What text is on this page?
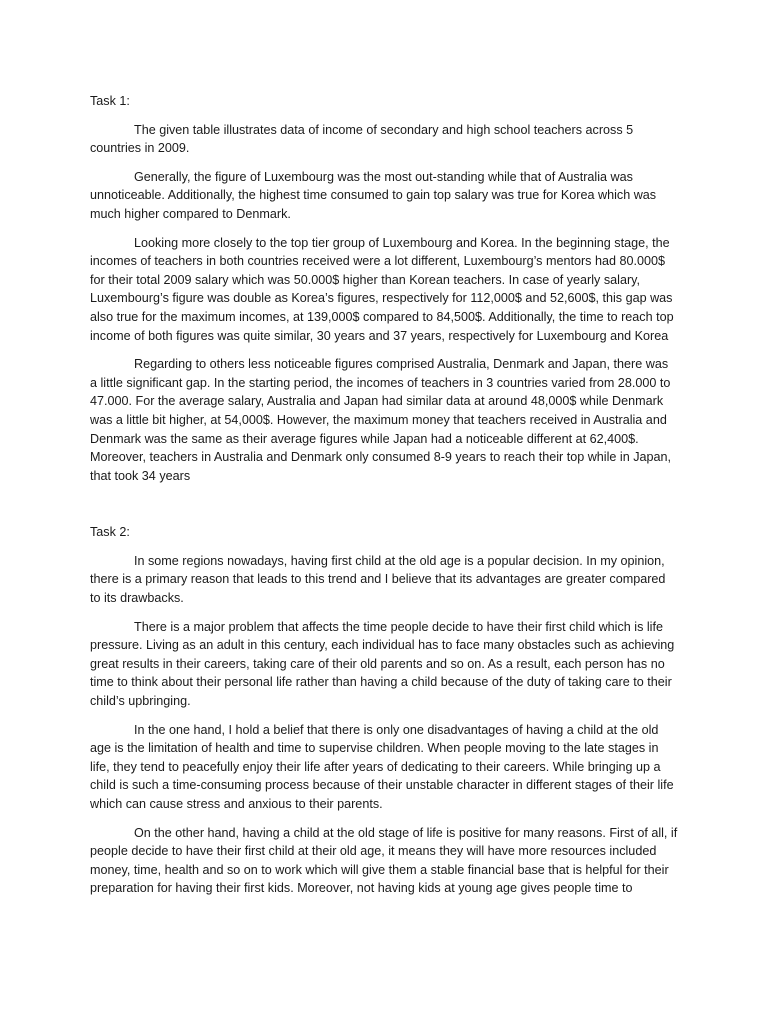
Task 1:

The given table illustrates data of income of secondary and high school teachers across 5 countries in 2009.

Generally, the figure of Luxembourg was the most out-standing while that of Australia was unnoticeable. Additionally, the highest time consumed to gain top salary was true for Korea which was much higher compared to Denmark.

Looking more closely to the top tier group of Luxembourg and Korea. In the beginning stage, the incomes of teachers in both countries received were a lot different, Luxembourg’s mentors had 80.000$ for their total 2009 salary which was 50.000$ higher than Korean teachers. In case of yearly salary, Luxembourg’s figure was double as Korea’s figures, respectively for 112,000$ and 52,600$, this gap was also true for the maximum incomes, at 139,000$ compared to 84,500$. Additionally, the time to reach top income of both figures was quite similar, 30 years and 37 years, respectively for Luxembourg and Korea

Regarding to others less noticeable figures comprised Australia, Denmark and Japan, there was a little significant gap. In the starting period, the incomes of teachers in 3 countries varied from 28.000 to 47.000. For the average salary, Australia and Japan had similar data at around 48,000$ while Denmark was a little bit higher, at 54,000$. However, the maximum money that teachers received in Australia and Denmark was the same as their average figures while Japan had a noticeable different at 62,400$. Moreover, teachers in Australia and Denmark only consumed 8-9 years to reach their top while in Japan, that took 34 years

Task 2:

In some regions nowadays, having first child at the old age is a popular decision. In my opinion, there is a primary reason that leads to this trend and I believe that its advantages are greater compared to its drawbacks.

There is a major problem that affects the time people decide to have their first child which is life pressure. Living as an adult in this century, each individual has to face many obstacles such as achieving great results in their careers, taking care of their old parents and so on. As a result, each person has no time to think about their personal life rather than having a child because of the duty of taking care to their child’s upbringing.

In the one hand, I hold a belief that there is only one disadvantages of having a child at the old age is the limitation of health and time to supervise children. When people moving to the late stages in life, they tend to peacefully enjoy their life after years of dedicating to their careers. While bringing up a child is such a time-consuming process because of their unstable character in different stages of their life which can cause stress and anxious to their parents.

On the other hand, having a child at the old stage of life is positive for many reasons. First of all, if people decide to have their first child at their old age, it means they will have more resources included money, time, health and so on to work which will give them a stable financial base that is helpful for their preparation for having their first kids. Moreover, not having kids at young age gives people time to
